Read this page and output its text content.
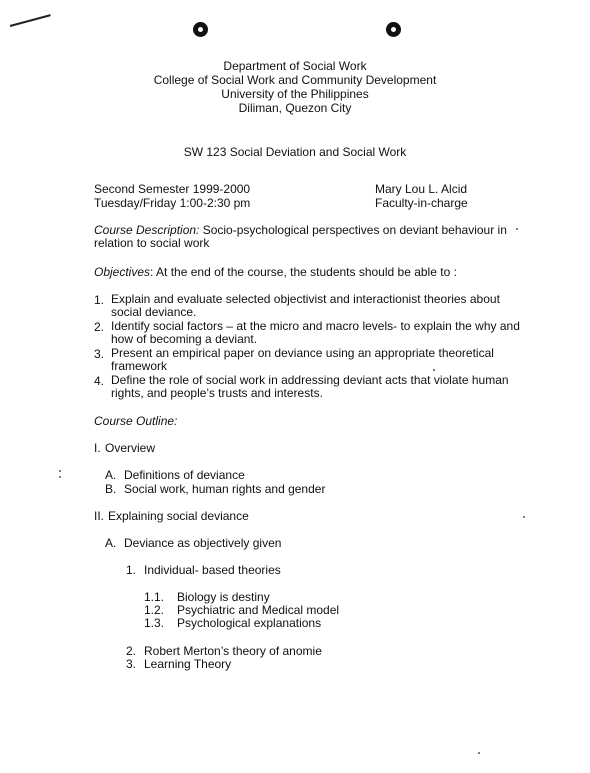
Department of Social Work
College of Social Work and Community Development
University of the Philippines
Diliman, Quezon City
SW 123 Social Deviation and Social Work
Second Semester 1999-2000
Tuesday/Friday 1:00-2:30 pm
Mary Lou L. Alcid
Faculty-in-charge
Course Description: Socio-psychological perspectives on deviant behaviour in relation to social work
Objectives: At the end of the course, the students should be able to :
1. Explain and evaluate selected objectivist and interactionist theories about social deviance.
2. Identify social factors – at the micro and macro levels- to explain the why and how of becoming a deviant.
3. Present an empirical paper on deviance using an appropriate theoretical framework
4. Define the role of social work in addressing deviant acts that violate human rights, and people’s trusts and interests.
Course Outline:
I. Overview
A. Definitions of deviance
B. Social work, human rights and gender
II. Explaining social deviance
A. Deviance as objectively given
1. Individual- based theories
1.1. Biology is destiny
1.2. Psychiatric and Medical model
1.3. Psychological explanations
2. Robert Merton’s theory of anomie
3. Learning Theory
